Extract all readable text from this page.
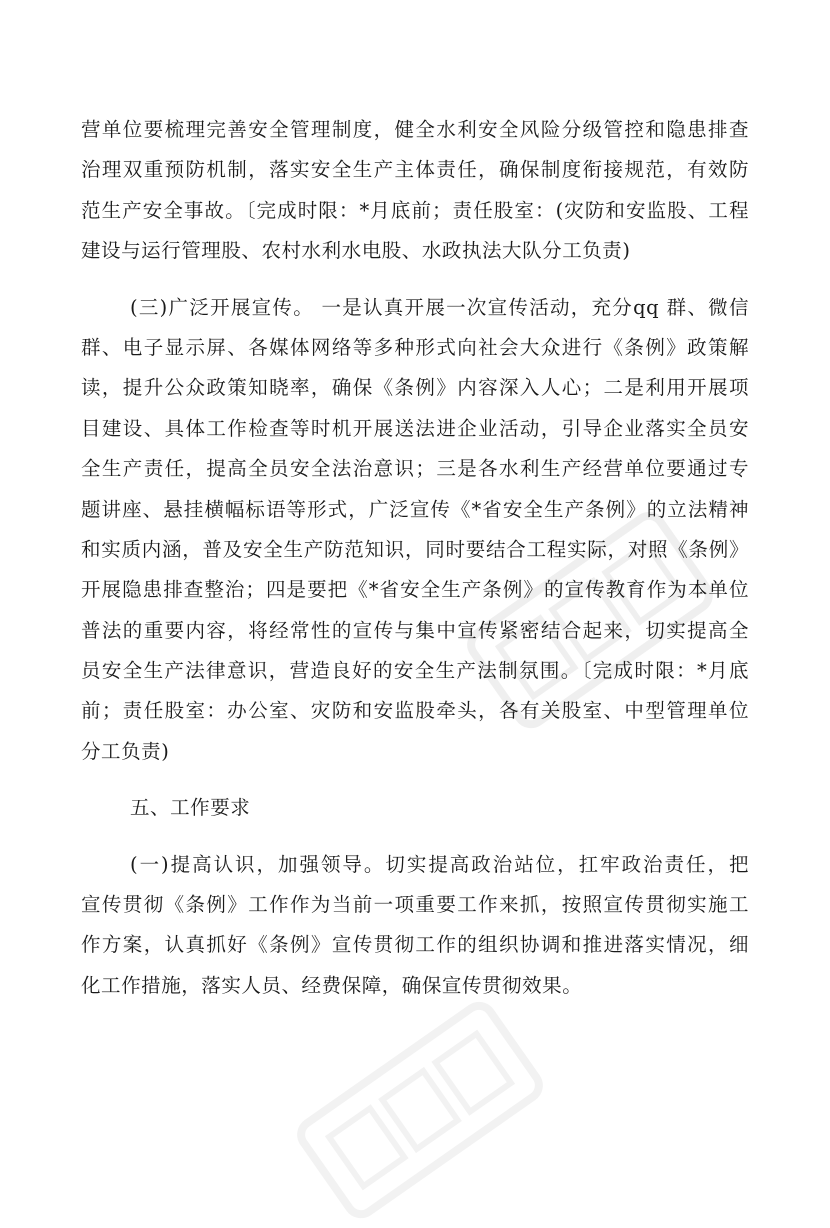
营单位要梳理完善安全管理制度，健全水利安全风险分级管控和隐患排查
治理双重预防机制，落实安全生产主体责任，确保制度衔接规范，有效防
范生产安全事故。〔完成时限：*月底前；责任股室：(灾防和安监股、工程
建设与运行管理股、农村水利水电股、水政执法大队分工负责)
(三)广泛开展宣传。 一是认真开展一次宣传活动，充分qq 群、微信
群、电子显示屏、各媒体网络等多种形式向社会大众进行《条例》政策解
读，提升公众政策知晓率，确保《条例》内容深入人心；二是利用开展项
目建设、具体工作检查等时机开展送法进企业活动，引导企业落实全员安
全生产责任，提高全员安全法治意识；三是各水利生产经营单位要通过专
题讲座、悬挂横幅标语等形式，广泛宣传《*省安全生产条例》的立法精神
和实质内涵，普及安全生产防范知识，同时要结合工程实际，对照《条例》
开展隐患排查整治；四是要把《*省安全生产条例》的宣传教育作为本单位
普法的重要内容，将经常性的宣传与集中宣传紧密结合起来，切实提高全
员安全生产法律意识，营造良好的安全生产法制氛围。〔完成时限：*月底
前；责任股室：办公室、灾防和安监股牵头，各有关股室、中型管理单位
分工负责)
五、工作要求
(一)提高认识，加强领导。切实提高政治站位，扛牢政治责任，把
宣传贯彻《条例》工作作为当前一项重要工作来抓，按照宣传贯彻实施工
作方案，认真抓好《条例》宣传贯彻工作的组织协调和推进落实情况，细
化工作措施，落实人员、经费保障，确保宣传贯彻效果。
